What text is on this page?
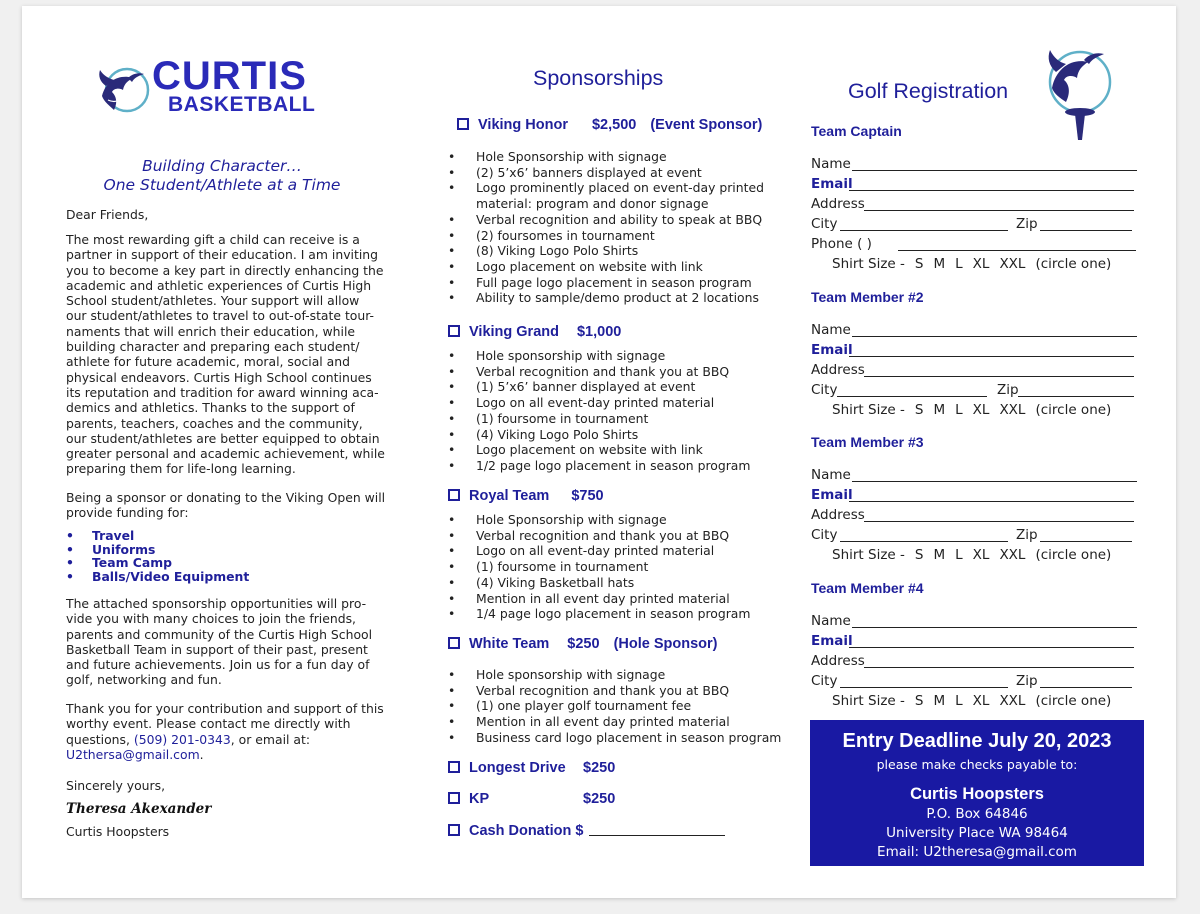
CURTIS
BASKETBALL
Building Character…
One Student/Athlete at a Time
Dear Friends,

The most rewarding gift a child can receive is a

partner in support of their education. I am inviting

you to become a key part in directly enhancing the

academic and athletic experiences of Curtis High

School student/athletes. Your support will allow

our student/athletes to travel to out-of-state tour-

naments that will enrich their education, while

building character and preparing each student/

athlete for future academic, moral, social and

physical endeavors. Curtis High School continues

its reputation and tradition for award winning aca-

demics and athletics. Thanks to the support of

parents, teachers, coaches and the community,

our student/athletes are better equipped to obtain

greater personal and academic achievement, while

preparing them for life-long learning.

Being a sponsor or donating to the Viking Open will

provide funding for:

• Travel
• Uniforms
• Team Camp
• Balls/Video Equipment

The attached sponsorship opportunities will pro-

vide you with many choices to join the friends,

parents and community of the Curtis High School

Basketball Team in support of their past, present

and future achievements. Join us for a fun day of

golf, networking and fun.

Thank you for your contribution and support of this

worthy event. Please contact me directly with

questions, (509) 201-0343, or email at:

U2thersa@gmail.com.

Sincerely yours,
Theresa Akexander
Curtis Hoopsters
Sponsorships
Viking Honor $2,500 (Event Sponsor)
• Hole Sponsorship with signage
• (2) 5’x6’ banners displayed at event
• Logo prominently placed on event-day printed
material: program and donor signage
• Verbal recognition and ability to speak at BBQ
• (2) foursomes in tournament
• (8) Viking Logo Polo Shirts
• Logo placement on website with link
• Full page logo placement in season program
• Ability to sample/demo product at 2 locations
Viking Grand $1,000
• Hole sponsorship with signage
• Verbal recognition and thank you at BBQ
• (1) 5’x6’ banner displayed at event
• Logo on all event-day printed material
• (1) foursome in tournament
• (4) Viking Logo Polo Shirts
• Logo placement on website with link
• 1/2 page logo placement in season program
Royal Team $750
• Hole Sponsorship with signage
• Verbal recognition and thank you at BBQ
• Logo on all event-day printed material
• (1) foursome in tournament
• (4) Viking Basketball hats
• Mention in all event day printed material
• 1/4 page logo placement in season program
White Team $250 (Hole Sponsor)
• Hole sponsorship with signage
• Verbal recognition and thank you at BBQ
• (1) one player golf tournament fee
• Mention in all event day printed material
• Business card logo placement in season program
Longest Drive $250
KP	$250
Cash Donation $
Golf Registration
Team Captain
Name
Email
Address
City	Zip
Phone ( )
Shirt Size - S M L XL XXL (circle one)
Team Member #2
Name
Email
Address
City	Zip
Shirt Size - S M L XL XXL (circle one)
Team Member #3
Name
Email
Address
City	Zip
Shirt Size - S M L XL XXL (circle one)
Team Member #4
Name
Email
Address
City	Zip
Shirt Size - S M L XL XXL (circle one)
Entry Deadline July 20, 2023
please make checks payable to:
Curtis Hoopsters
P.O. Box 64846
University Place WA 98464
Email: U2theresa@gmail.com
